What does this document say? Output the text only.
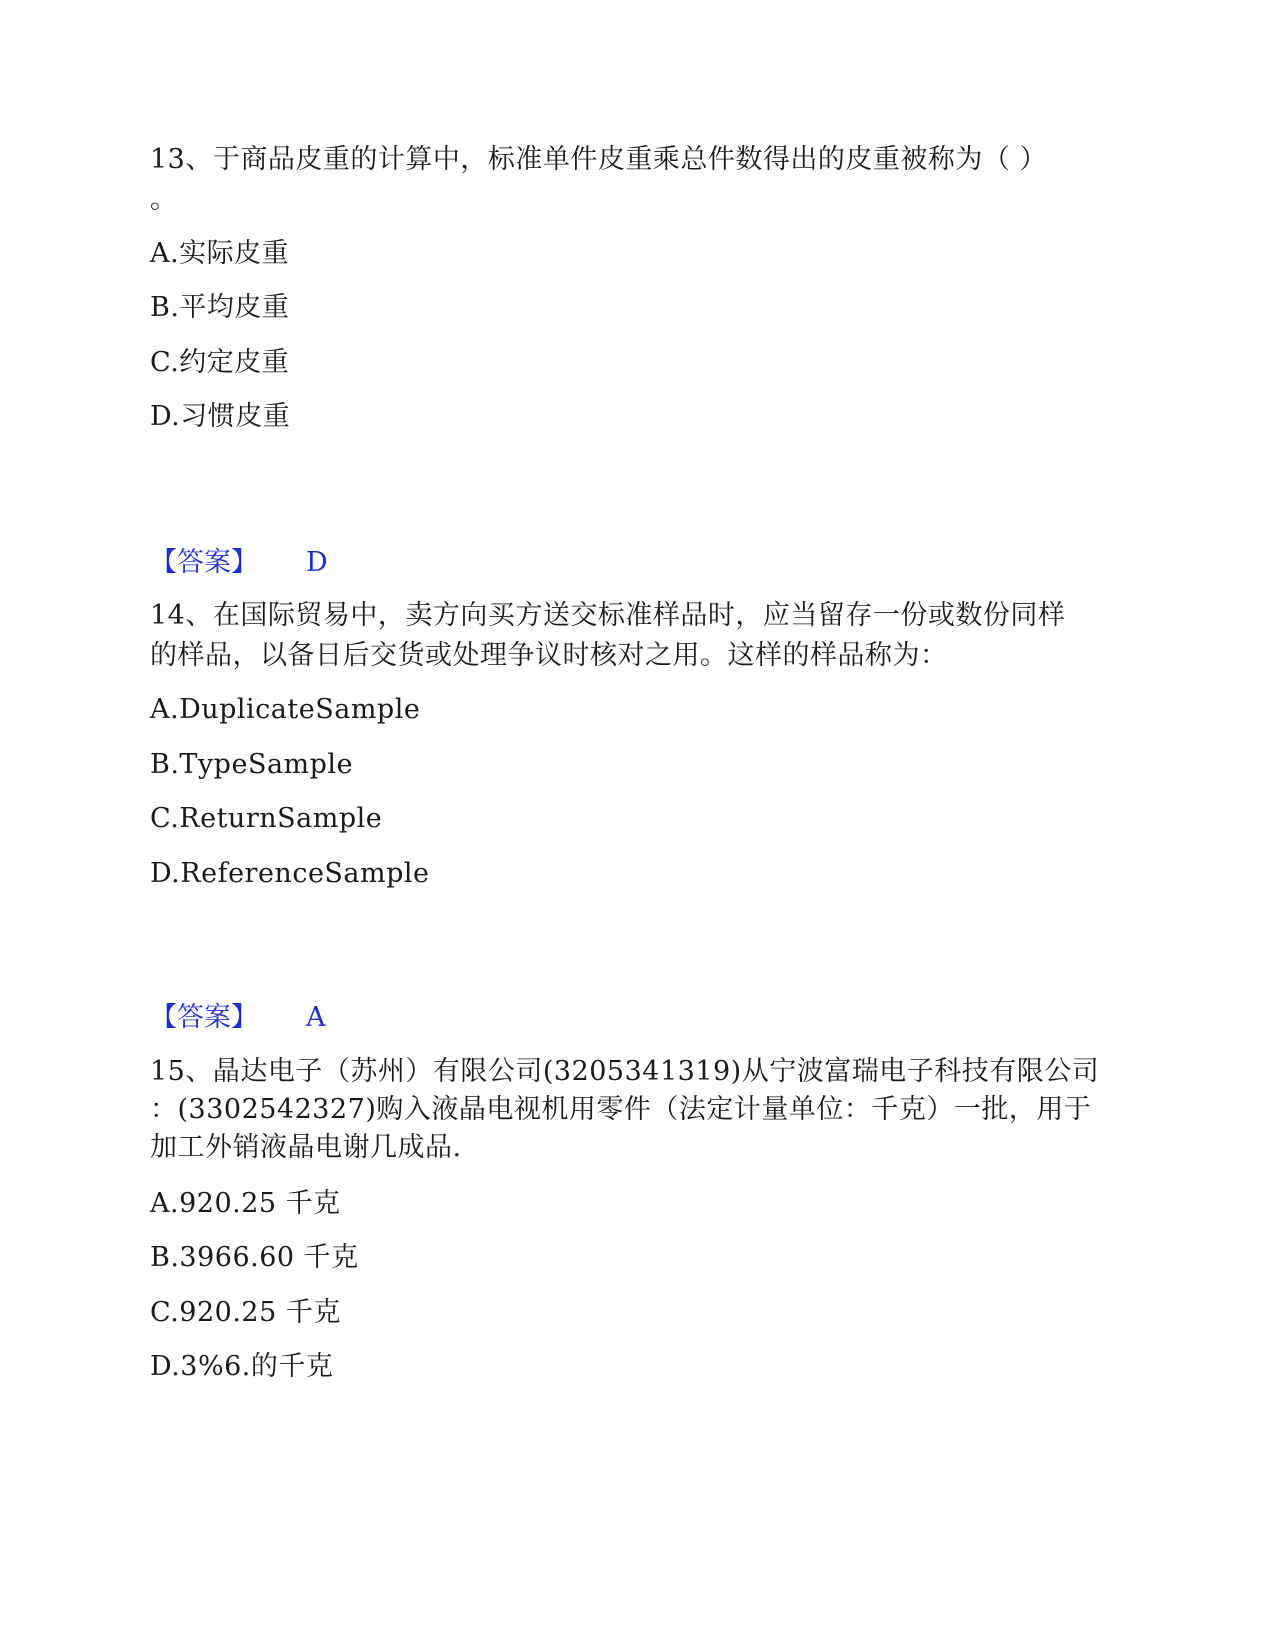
13、于商品皮重的计算中，标准单件皮重乘总件数得出的皮重被称为（ ）
。
A.实际皮重
B.平均皮重
C.约定皮重
D.习惯皮重
【答案】 D
14、在国际贸易中，卖方向买方送交标准样品时，应当留存一份或数份同样
的样品，以备日后交货或处理争议时核对之用。这样的样品称为：
A.DuplicateSample
B.TypeSample
C.ReturnSample
D.ReferenceSample
【答案】 A
15、晶达电子（苏州）有限公司(3205341319)从宁波富瑞电子科技有限公司
：(3302542327)购入液晶电视机用零件（法定计量单位：千克）一批，用于
加工外销液晶电谢几成品.
A.920.25 千克
B.3966.60 千克
C.920.25 千克
D.3%6.的千克
